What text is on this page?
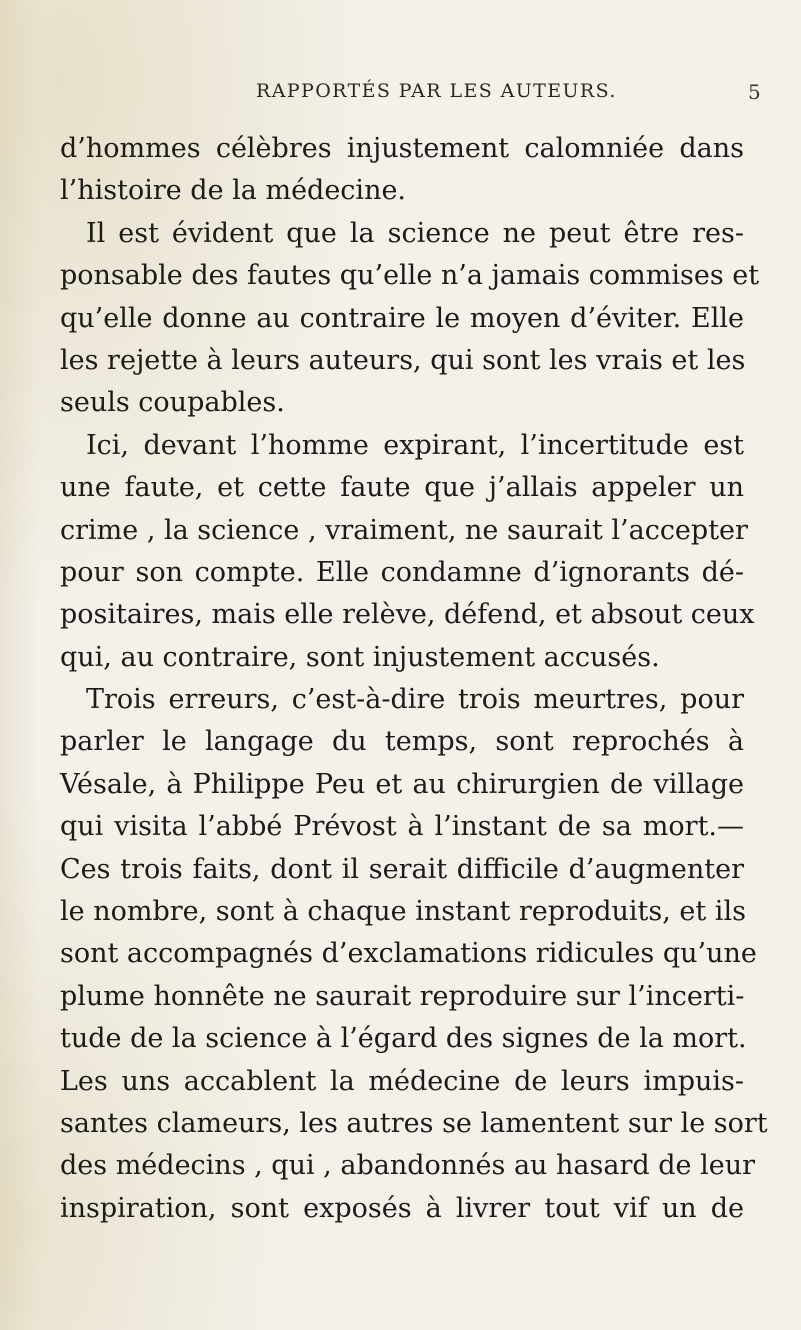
RAPPORTÉS PAR LES AUTEURS.	5
d’hommes célèbres injustement calomniée dans
l’histoire de la médecine.
Il est évident que la science ne peut être res-
ponsable des fautes qu’elle n’a jamais commises et
qu’elle donne au contraire le moyen d’éviter. Elle
les rejette à leurs auteurs, qui sont les vrais et les
seuls coupables.
Ici, devant l’homme expirant, l’incertitude est
une faute, et cette faute que j’allais appeler un
crime , la science , vraiment, ne saurait l’accepter
pour son compte. Elle condamne d’ignorants dé-
positaires, mais elle relève, défend, et absout ceux
qui, au contraire, sont injustement accusés.
Trois erreurs, c’est-à-dire trois meurtres, pour
parler le langage du temps, sont reprochés à
Vésale, à Philippe Peu et au chirurgien de village
qui visita l’abbé Prévost à l’instant de sa mort.—
Ces trois faits, dont il serait difficile d’augmenter
le nombre, sont à chaque instant reproduits, et ils
sont accompagnés d’exclamations ridicules qu’une
plume honnête ne saurait reproduire sur l’incerti-
tude de la science à l’égard des signes de la mort.
Les uns accablent la médecine de leurs impuis-
santes clameurs, les autres se lamentent sur le sort
des médecins , qui , abandonnés au hasard de leur
inspiration, sont exposés à livrer tout vif un de
